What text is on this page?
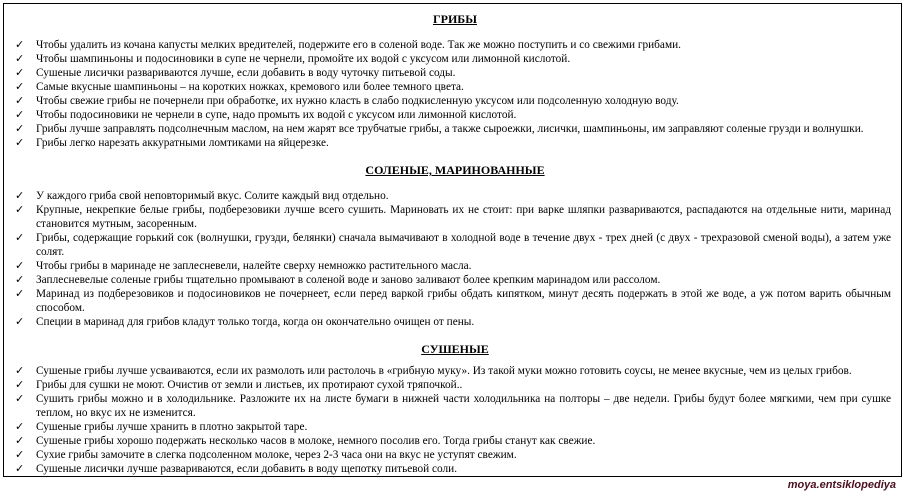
ГРИБЫ
✓	Чтобы удалить из кочана капусты мелких вредителей, подержите его в соленой воде. Так же можно поступить и со свежими грибами.
✓	Чтобы шампиньоны и подосиновики в супе не чернели, промойте их водой с уксусом или лимонной кислотой.
✓	Сушеные лисички развариваются лучше, если добавить в воду чуточку питьевой соды.
✓	Самые вкусные шампиньоны – на коротких ножках, кремового или более темного цвета.
✓	Чтобы свежие грибы не почернели при обработке, их нужно класть в слабо подкисленную уксусом или подсоленную холодную воду.
✓	Чтобы подосиновики не чернели в супе, надо промыть их водой с уксусом или лимонной кислотой.
✓	Грибы лучше заправлять подсолнечным маслом, на нем жарят все трубчатые грибы, а также сыроежки, лисички, шампиньоны, им заправляют соленые грузди и волнушки.
✓	Грибы легко нарезать аккуратными ломтиками на яйцерезке.
СОЛЕНЫЕ, МАРИНОВАННЫЕ
✓	У каждого гриба свой неповторимый вкус. Солите каждый вид отдельно.
✓	Крупные, некрепкие белые грибы, подберезовики лучше всего сушить. Мариновать их не стоит: при варке шляпки развариваются, распадаются на отдельные нити, маринад становится мутным, засоренным.
✓	Грибы, содержащие горький сок (волнушки, грузди, белянки) сначала вымачивают в холодной воде в течение двух - трех дней (с двух - трехразовой сменой воды), а затем уже солят.
✓	Чтобы грибы в маринаде не заплесневели, налейте сверху немножко растительного масла.
✓	Заплесневелые соленые грибы тщательно промывают в соленой воде и заново заливают более крепким маринадом или рассолом.
✓	Маринад из подберезовиков и подосиновиков не почернеет, если перед варкой грибы обдать кипятком, минут десять подержать в этой же воде, а уж потом варить обычным способом.
✓	Специи в маринад для грибов кладут только тогда, когда он окончательно очищен от пены.
СУШЕНЫЕ
✓	Сушеные грибы лучше усваиваются, если их размолоть или растолочь в «грибную муку». Из такой муки можно готовить соусы, не менее вкусные, чем из целых грибов.
✓	Грибы для сушки не моют. Очистив от земли и листьев, их протирают сухой тряпочкой..
✓	Сушить грибы можно и в холодильнике. Разложите их на листе бумаги в нижней части холодильника на полторы – две недели. Грибы будут более мягкими, чем при сушке теплом, но вкус их не изменится.
✓	Сушеные грибы лучше хранить в плотно закрытой таре.
✓	Сушеные грибы хорошо подержать несколько часов в молоке, немного посолив его. Тогда грибы станут как свежие.
✓	Сухие грибы замочите в слегка подсоленном молоке, через 2-3 часа они на вкус не уступят свежим.
✓	Сушеные лисички лучше развариваются, если добавить в воду щепотку питьевой соли.
moya.entsiklopediya
